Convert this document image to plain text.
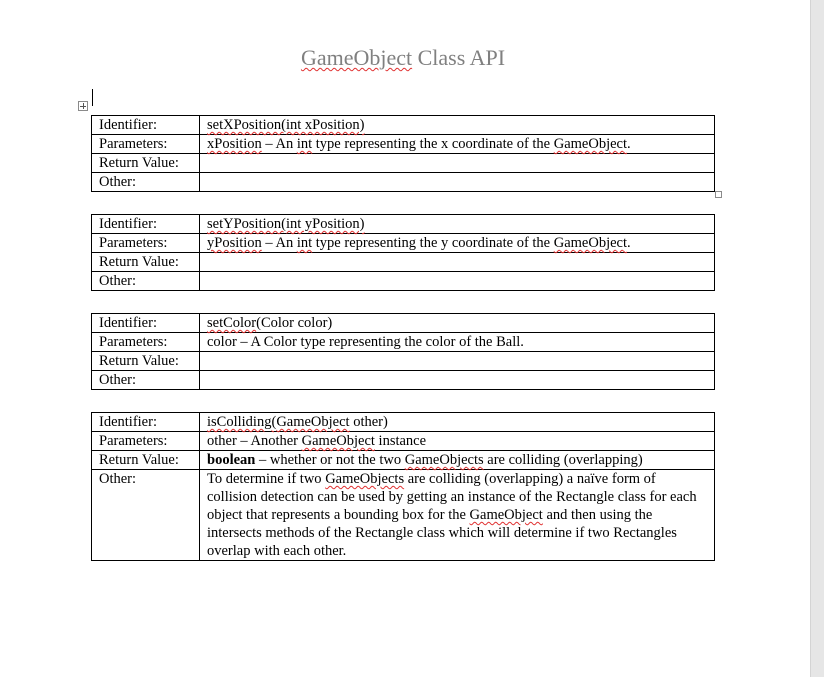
GameObject Class API
Identifier:	setXPosition(int xPosition)
Parameters:	xPosition – An int type representing the x coordinate of the GameObject.
Return Value:	
Other:	
Identifier:	setYPosition(int yPosition)
Parameters:	yPosition – An int type representing the y coordinate of the GameObject.
Return Value:	
Other:	
Identifier:	setColor(Color color)
Parameters:	color – A Color type representing the color of the Ball.
Return Value:	
Other:	
Identifier:	isColliding(GameObject other)
Parameters:	other – Another GameObject instance
Return Value:	boolean – whether or not the two GameObjects are colliding (overlapping)
Other:	To determine if two GameObjects are colliding (overlapping) a naïve form of collision detection can be used by getting an instance of the Rectangle class for each object that represents a bounding box for the GameObject and then using the intersects methods of the Rectangle class which will determine if two Rectangles overlap with each other.
